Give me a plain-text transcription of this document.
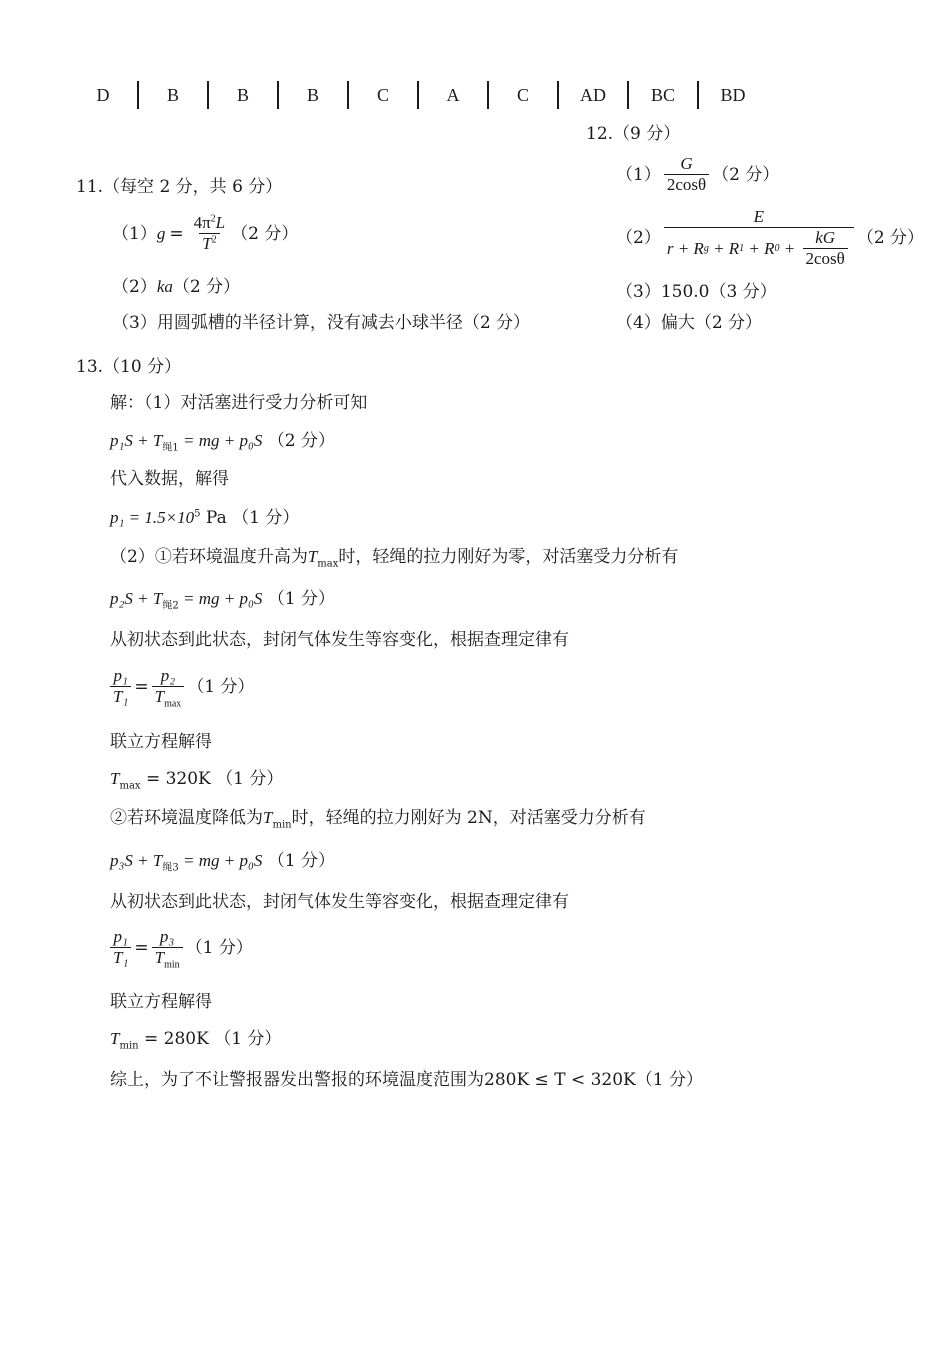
D	B	B	B	C	A	C	AD	BC	BD
12.（9 分）
$(1) \frac{G}{2\cos\theta} (2$ 分）
（2）
E
r + R g + R 1 + R $0 + \frac{kG}{2\cos\theta} (2$ 分）
（3）150.0（3 分）
（4）偏大（2 分）
11.（每空 2 分，共 6 分）
（1） $g = \frac{4\pi^2L}{T^2} (2$ 分）
（2）ka（2 分）
（3）用圆弧槽的半径计算，没有减去小球半径（2 分）
13.（10 分）
解：（1）对活塞进行受力分析可知
$p_1S + T_{绳1}$ = mg + p₀S （2 分）
代入数据，解得
$p_1 = 1.5\times 10^5$ Pa （1 分）
（2）①若环境温度升高为$T_{max}$时，轻绳的拉力刚好为零，对活塞受力分析有
$p_2S + T_{绳2}$ = mg + p₀S （1 分）
从初状态到此状态，封闭气体发生等容变化，根据查理定律有
$\frac{\text{p₁}}{\text{T₁}} = \frac{\text{p₂}}{T_{max}} (1$ 分）
联立方程解得
$T_{max} = 320K$ （1 分）
②若环境温度降低为$T_{min}$时，轻绳的拉力刚好为 2N，对活塞受力分析有
$p_3S + T_{绳3}$ = mg + p₀S （1 分）
从初状态到此状态，封闭气体发生等容变化，根据查理定律有
$\frac{\text{p₁}}{\text{T₁}} = \frac{\text{p₃}}{T_{min}} (1$ 分）
联立方程解得
$T_{min} = 280K$ （1 分）
综上，为了不让警报器发出警报的环境温度范围为280K ≤ T < 320K（1 分）
